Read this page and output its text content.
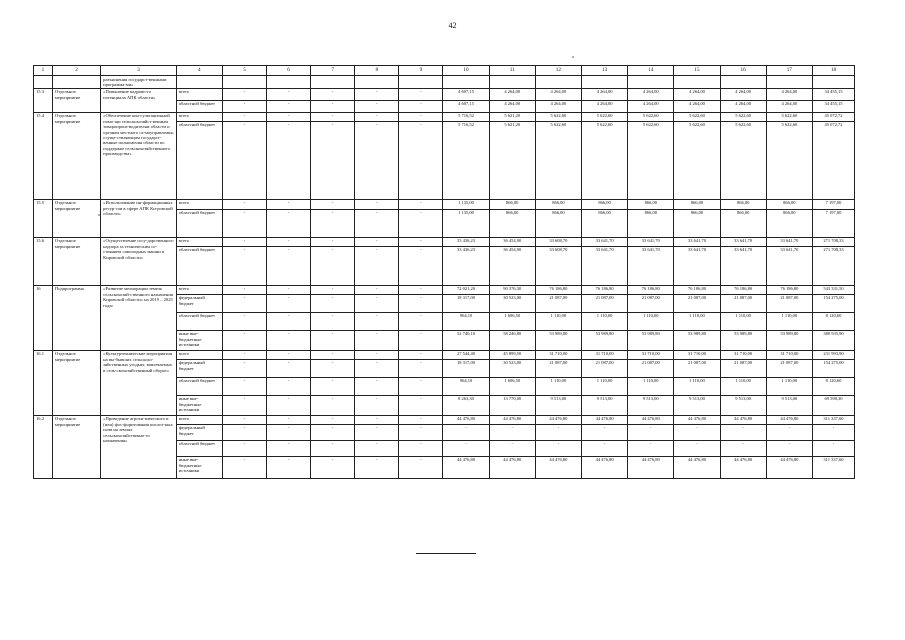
42
1	2	3	4	5	6	7	8	9	10	11	12	13	14	15	16	17	18
		разъяснения государст-венными программа-ми»															
15.3	Отдельное мероприятие	«Повышение кадрово-го потенциала АПК области»	всего	-	-	-	-	-	4 607,15	4 264,00	4 264,00	4 264,00	4 264,00	4 264,00	4 264,00	4 264,00	34 455,15
			областной бюджет	-	-	-	-	-	4 607,15	4 264,00	4 264,00	4 264,00	4 264,00	4 264,00	4 264,00	4 264,00	34 455,15
15.4	Отдельное мероприятие	«Обеспечение кон-сультационной помо-щи сельскохозяйст-венным товаропроиз-водителям области и органам местного са-моуправления, осуще-ствляющим государст-венные полномочия области по поддержке сельскохозяйственного производства»	всего	-	-	-	-	-	5 716,52	5 621,20	5 622,60	5 622,60	5 622,60	5 622,60	5 622,60	5 622,60	45 072,72
			областной бюджет	-	-	-	-	-	5 716,52	5 621,20	5 622,60	5 622,60	5 622,60	5 622,60	5 622,60	5 622,60	45 072,72
15.5	Отдельное мероприятие	«Использование ин-формационных ресур-сов в сфере АПК Ки-ровской области»	всего	-	-	-	-	-	1 135,00	866,00	866,00	866,00	866,00	866,00	866,00	866,00	7 197,00
			областной бюджет	-	-	-	-	-	1 135,00	866,00	866,00	866,00	866,00	866,00	866,00	866,00	7 197,00
15.6	Отдельное мероприятие	«Осуществление госу-дарственного надзора за техническим со-стоянием самоходных машин в Кировской области»	всего	-	-	-	-	-	33 436,23	36 454,90	33 608,70	33 641,70	33 641,70	33 641,70	33 641,70	33 641,70	271 708,33
			областной бюджет	-	-	-	-	-	33 436,23	36 454,90	33 608,70	33 641,70	33 641,70	33 641,70	33 641,70	33 641,70	271 708,33
16	Подпрограмма	«Развитие мелиорации земель сельскохозяй-ственного назначения Кировской области» на 2019 – 2025 годы	всего	-	-	-	-	-	72 021,20	90 376,30	76 186,80	76 186,80	76 186,80	76 186,80	76 186,80	76 186,80	543 331,50
			федеральный бюджет	-	-	-	-	-	18 317,00	30 523,00	21 087,00	21 087,00	21 087,00	21 087,00	21 087,00	21 087,00	154 275,00
			областной бюджет	-	-	-	-	-	964,10	1 606,50	1 110,00	1 110,00	1 110,00	1 110,00	1 110,00	1 110,00	8 120,60
			иные вне-бюджетные источники	-	-	-	-	-	52 740,10	58 246,80	53 989,80	53 989,80	53 989,80	53 989,80	53 989,80	53 989,80	380 935,90
16.1	Отдельное мероприятие	«Культуртехнические мероприятия на вы-бывших сельскохо-зяйственных угодьях, вовлекаемых в сель-скохозяйственный оборот»	всего	-	-	-	-	-	27 544,40	45 899,50	31 710,00	31 710,00	31 710,00	31 710,00	31 710,00	31 710,00	231 993,90
			федеральный бюджет	-	-	-	-	-	18 317,00	30 523,00	21 087,00	21 087,00	21 087,00	21 087,00	21 087,00	21 087,00	154 275,00
			областной бюджет	-	-	-	-	-	964,10	1 606,50	1 110,00	1 110,00	1 110,00	1 110,00	1 110,00	1 110,00	8 120,60
			иные вне-бюджетные источники	-	-	-	-	-	8 263,30	13 770,00	9 513,00	9 513,00	9 513,00	9 513,00	9 513,00	9 513,00	69 598,30
16.2	Отдельное мероприятие	«Проведение агрохи-мического и (или) фос-форитования кислот-ных почв на землях сельскохозяйственно-го назначения»	всего	-	-	-	-	-	44 476,80	44 476,80	44 476,80	44 476,80	44 476,80	44 476,80	44 476,80	44 476,80	311 337,60
			федеральный бюджет	-	-	-	-	-	-	-	-	-	-	-	-	-	-
			областной бюджет	-	-	-	-	-	-	-	-	-	-	-	-	-	-
			иные вне-бюджетные источники	-	-	-	-	-	44 476,80	44 476,80	44 476,80	44 476,80	44 476,80	44 476,80	44 476,80	44 476,80	311 337,60
